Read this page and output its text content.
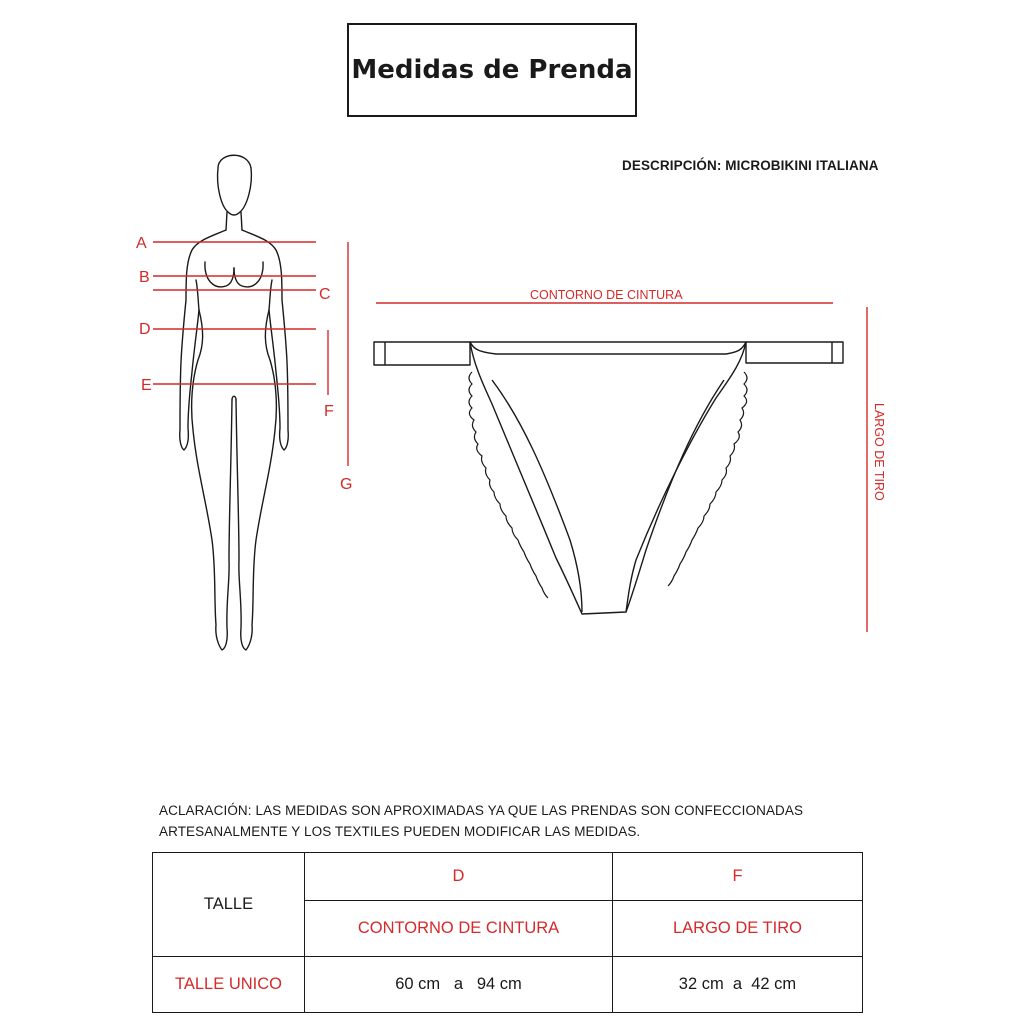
Medidas de Prenda
DESCRIPCIÓN: MICROBIKINI ITALIANA
A
B
C
D
E
F
G
CONTORNO DE CINTURA
LARGO DE TIRO
ACLARACIÓN: LAS MEDIDAS SON APROXIMADAS YA QUE LAS PRENDAS SON CONFECCIONADAS ARTESANALMENTE Y LOS TEXTILES PUEDEN MODIFICAR LAS MEDIDAS.
TALLE	D	F
	CONTORNO DE CINTURA	LARGO DE TIRO
TALLE UNICO	60 cm   a   94 cm	32 cm  a  42 cm
